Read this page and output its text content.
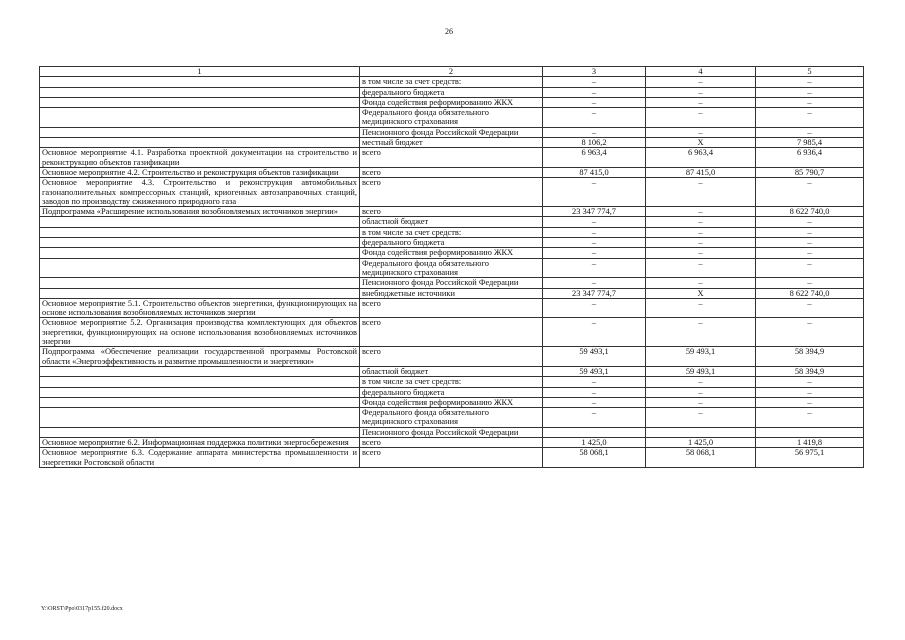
26
1	2	3	4	5
	в том числе за счет средств:	–	–	–
	федерального бюджета	–	–	–
	Фонда содействия реформированию ЖКХ	–	–	–
	Федерального фонда обязательного медицинского страхования	–	–	–
	Пенсионного фонда Российской Федерации	–	–	–
	местный бюджет	8 106,2	Х	7 985,4
Основное мероприятие 4.1. Разработка проектной документации на строительство и реконструкцию объектов газификации	всего	6 963,4	6 963,4	6 936,4
Основное мероприятие 4.2. Строительство и реконструкция объектов газификации	всего	87 415,0	87 415,0	85 790,7
Основное мероприятие 4.3. Строительство и реконструкция автомобильных газонаполнительных компрессорных станций, криогенных автозаправочных станций, заводов по производству сжиженного природного газа	всего	–	–	–
Подпрограмма «Расширение использования возобновляемых источников энергии»	всего	23 347 774,7	–	8 622 740,0
	областной бюджет	–	–	–
	в том числе за счет средств:	–	–	–
	федерального бюджета	–	–	–
	Фонда содействия реформированию ЖКХ	–	–	–
	Федерального фонда обязательного медицинского страхования	–	–	–
	Пенсионного фонда Российской Федерации	–	–	–
	внебюджетные источники	23 347 774,7	Х	8 622 740,0
Основное мероприятие 5.1. Строительство объектов энергетики, функционирующих на основе использования возобновляемых источников энергии	всего	–	–	–
Основное мероприятие 5.2. Организация производства комплектующих для объектов энергетики, функционирующих на основе использования возобновляемых источников энергии	всего	–	–	–
Подпрограмма «Обеспечение реализации государственной программы Ростовской области «Энергоэффективность и развитие промышленности и энергетики»	всего	59 493,1	59 493,1	58 394,9
	областной бюджет	59 493,1	59 493,1	58 394,9
	в том числе за счет средств:	–	–	–
	федерального бюджета	–	–	–
	Фонда содействия реформированию ЖКХ	–	–	–
	Федерального фонда обязательного медицинского страхования	–	–	–
	Пенсионного фонда Российской Федерации			
Основное мероприятие 6.2. Информационная поддержка политики энергосбережения	всего	1 425,0	1 425,0	1 419,8
Основное мероприятие 6.3. Содержание аппарата министерства промышленности и энергетики Ростовской области	всего	58 068,1	58 068,1	56 975,1
Y:\ORST\Ppo\0317p155.f20.docx
